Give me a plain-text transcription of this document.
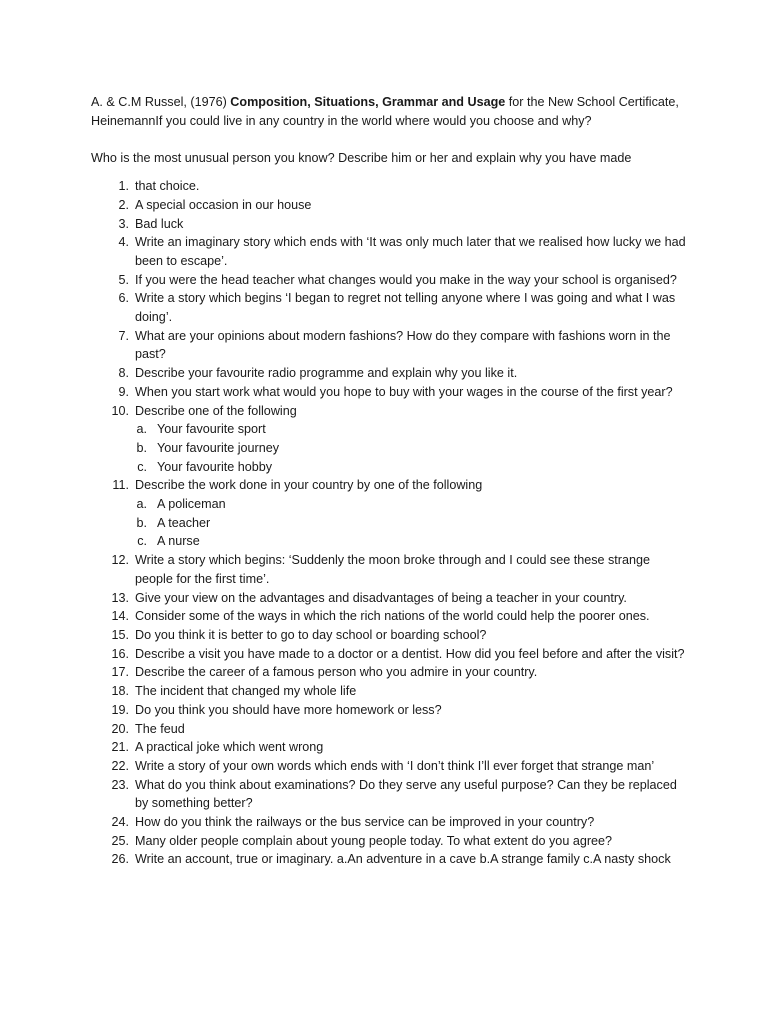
A. & C.M Russel, (1976) Composition, Situations, Grammar and Usage for the New School Certificate, HeinemannIf you could live in any country in the world where would you choose and why?

Who is the most unusual person you know? Describe him or her and explain why you have made

1. that choice.
2. A special occasion in our house
3. Bad luck
4. Write an imaginary story which ends with ‘It was only much later that we realised how lucky we had been to escape’.
5. If you were the head teacher what changes would you make in the way your school is organised?
6. Write a story which begins ‘I began to regret not telling anyone where I was going and what I was doing’.
7. What are your opinions about modern fashions? How do they compare with fashions worn in the past?
8. Describe your favourite radio programme and explain why you like it.
9. When you start work what would you hope to buy with your wages in the course of the first year?
10. Describe one of the following
a. Your favourite sport
b. Your favourite journey
c. Your favourite hobby
11. Describe the work done in your country by one of the following
a. A policeman
b. A teacher
c. A nurse
12. Write a story which begins: ‘Suddenly the moon broke through and I could see these strange people for the first time’.
13. Give your view on the advantages and disadvantages of being a teacher in your country.
14. Consider some of the ways in which the rich nations of the world could help the poorer ones.
15. Do you think it is better to go to day school or boarding school?
16. Describe a visit you have made to a doctor or a dentist. How did you feel before and after the visit?
17. Describe the career of a famous person who you admire in your country.
18. The incident that changed my whole life
19. Do you think you should have more homework or less?
20. The feud
21. A practical joke which went wrong
22. Write a story of your own words which ends with ‘I don’t think I’ll ever forget that strange man’
23. What do you think about examinations? Do they serve any useful purpose? Can they be replaced by something better?
24. How do you think the railways or the bus service can be improved in your country?
25. Many older people complain about young people today. To what extent do you agree?
26. Write an account, true or imaginary. a.An adventure in a cave b.A strange family c.A nasty shock
